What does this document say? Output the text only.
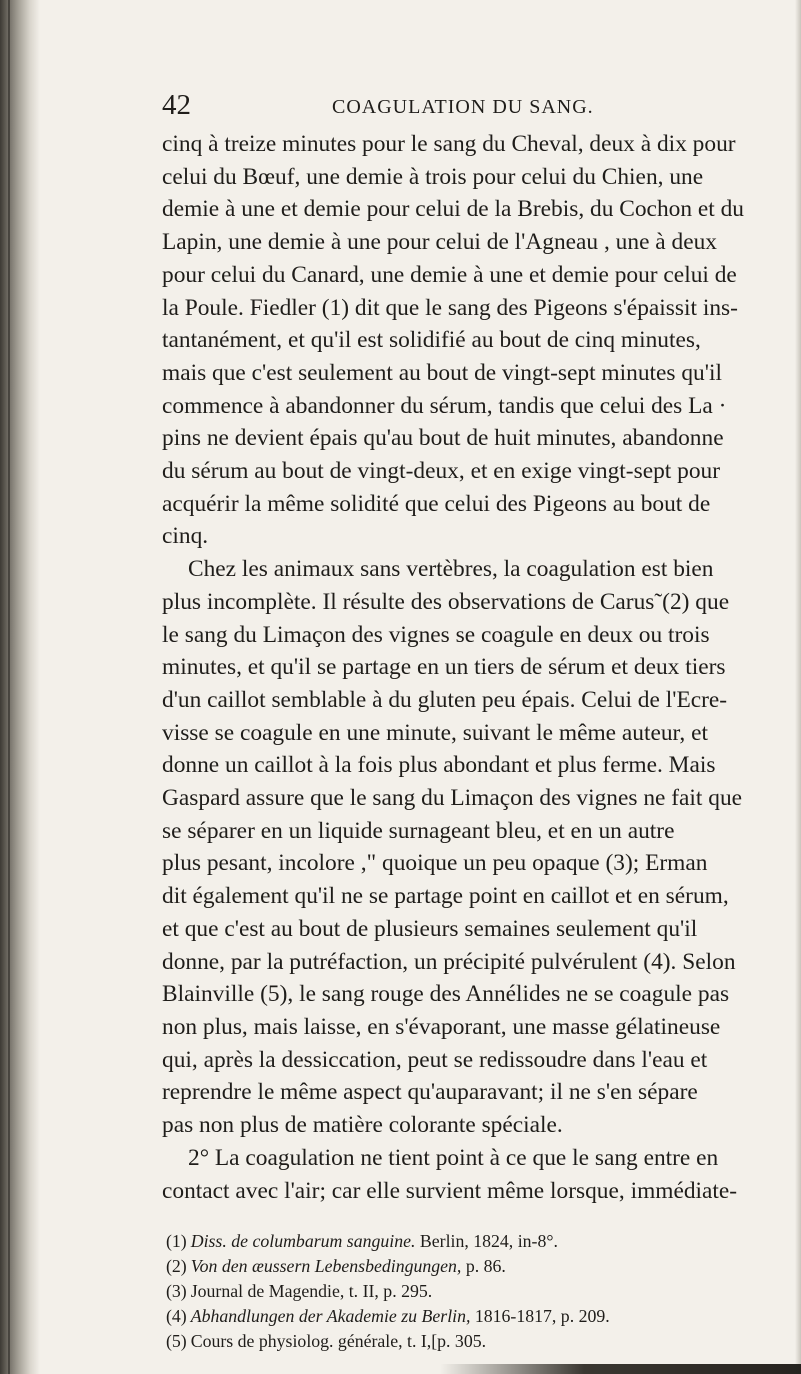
42	COAGULATION DU SANG.

cinq à treize minutes pour le sang du Cheval, deux à dix pour
celui du Bœuf, une demie à trois pour celui du Chien, une
demie à une et demie pour celui de la Brebis, du Cochon et du
Lapin, une demie à une pour celui de l'Agneau , une à deux
pour celui du Canard, une demie à une et demie pour celui de
la Poule. Fiedler (1) dit que le sang des Pigeons s'épaissit ins-
tantanément, et qu'il est solidifié au bout de cinq minutes,
mais que c'est seulement au bout de vingt-sept minutes qu'il
commence à abandonner du sérum, tandis que celui des La ·
pins ne devient épais qu'au bout de huit minutes, abandonne
du sérum au bout de vingt-deux, et en exige vingt-sept pour
acquérir la même solidité que celui des Pigeons au bout de
cinq.

Chez les animaux sans vertèbres, la coagulation est bien
plus incomplète. Il résulte des observations de Carus˜(2) que
le sang du Limaçon des vignes se coagule en deux ou trois
minutes, et qu'il se partage en un tiers de sérum et deux tiers
d'un caillot semblable à du gluten peu épais. Celui de l'Ecre-
visse se coagule en une minute, suivant le même auteur, et
donne un caillot à la fois plus abondant et plus ferme. Mais
Gaspard assure que le sang du Limaçon des vignes ne fait que
se séparer en un liquide surnageant bleu, et en un autre
plus pesant, incolore ," quoique un peu opaque (3); Erman
dit également qu'il ne se partage point en caillot et en sérum,
et que c'est au bout de plusieurs semaines seulement qu'il
donne, par la putréfaction, un précipité pulvérulent (4). Selon
Blainville (5), le sang rouge des Annélides ne se coagule pas
non plus, mais laisse, en s'évaporant, une masse gélatineuse
qui, après la dessiccation, peut se redissoudre dans l'eau et
reprendre le même aspect qu'auparavant; il ne s'en sépare
pas non plus de matière colorante spéciale.

2° La coagulation ne tient point à ce que le sang entre en
contact avec l'air; car elle survient même lorsque, immédiate-

(1) Diss. de columbarum sanguine. Berlin, 1824, in-8°.

(2) Von den æussern Lebensbedingungen, p. 86.

(3) Journal de Magendie, t. II, p. 295.

(4) Abhandlungen der Akademie zu Berlin, 1816-1817, p. 209.

(5) Cours de physiolog. générale, t. I,[p. 305.
